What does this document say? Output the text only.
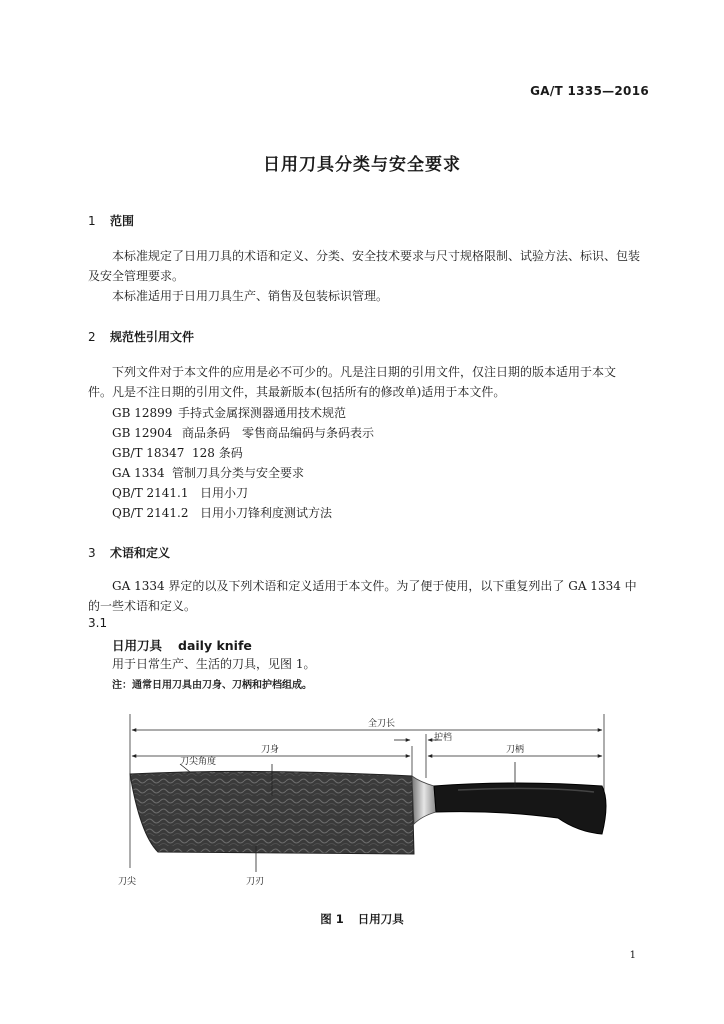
GA/T 1335—2016
日用刀具分类与安全要求
1 范围
本标准规定了日用刀具的术语和定义、分类、安全技术要求与尺寸规格限制、试验方法、标识、包装
及安全管理要求。
本标准适用于日用刀具生产、销售及包装标识管理。
2 规范性引用文件
下列文件对于本文件的应用是必不可少的。凡是注日期的引用文件，仅注日期的版本适用于本文
件。凡是不注日期的引用文件，其最新版本(包括所有的修改单)适用于本文件。
GB 12899 手持式金属探测器通用技术规范
GB 12904 商品条码　零售商品编码与条码表示
GB/T 18347 128 条码
GA 1334 管制刀具分类与安全要求
QB/T 2141.1 日用小刀
QB/T 2141.2 日用小刀锋利度测试方法
3 术语和定义
GA 1334 界定的以及下列术语和定义适用于本文件。为了便于使用，以下重复列出了 GA 1334 中
的一些术语和定义。
3.1
日用刀具 daily knife
用于日常生产、生活的刀具，见图 1。
注：通常日用刀具由刀身、刀柄和护档组成。
全刀长
护档
刀身	刀柄
刀尖角度
刀尖	刀刃
图 1 日用刀具
1
